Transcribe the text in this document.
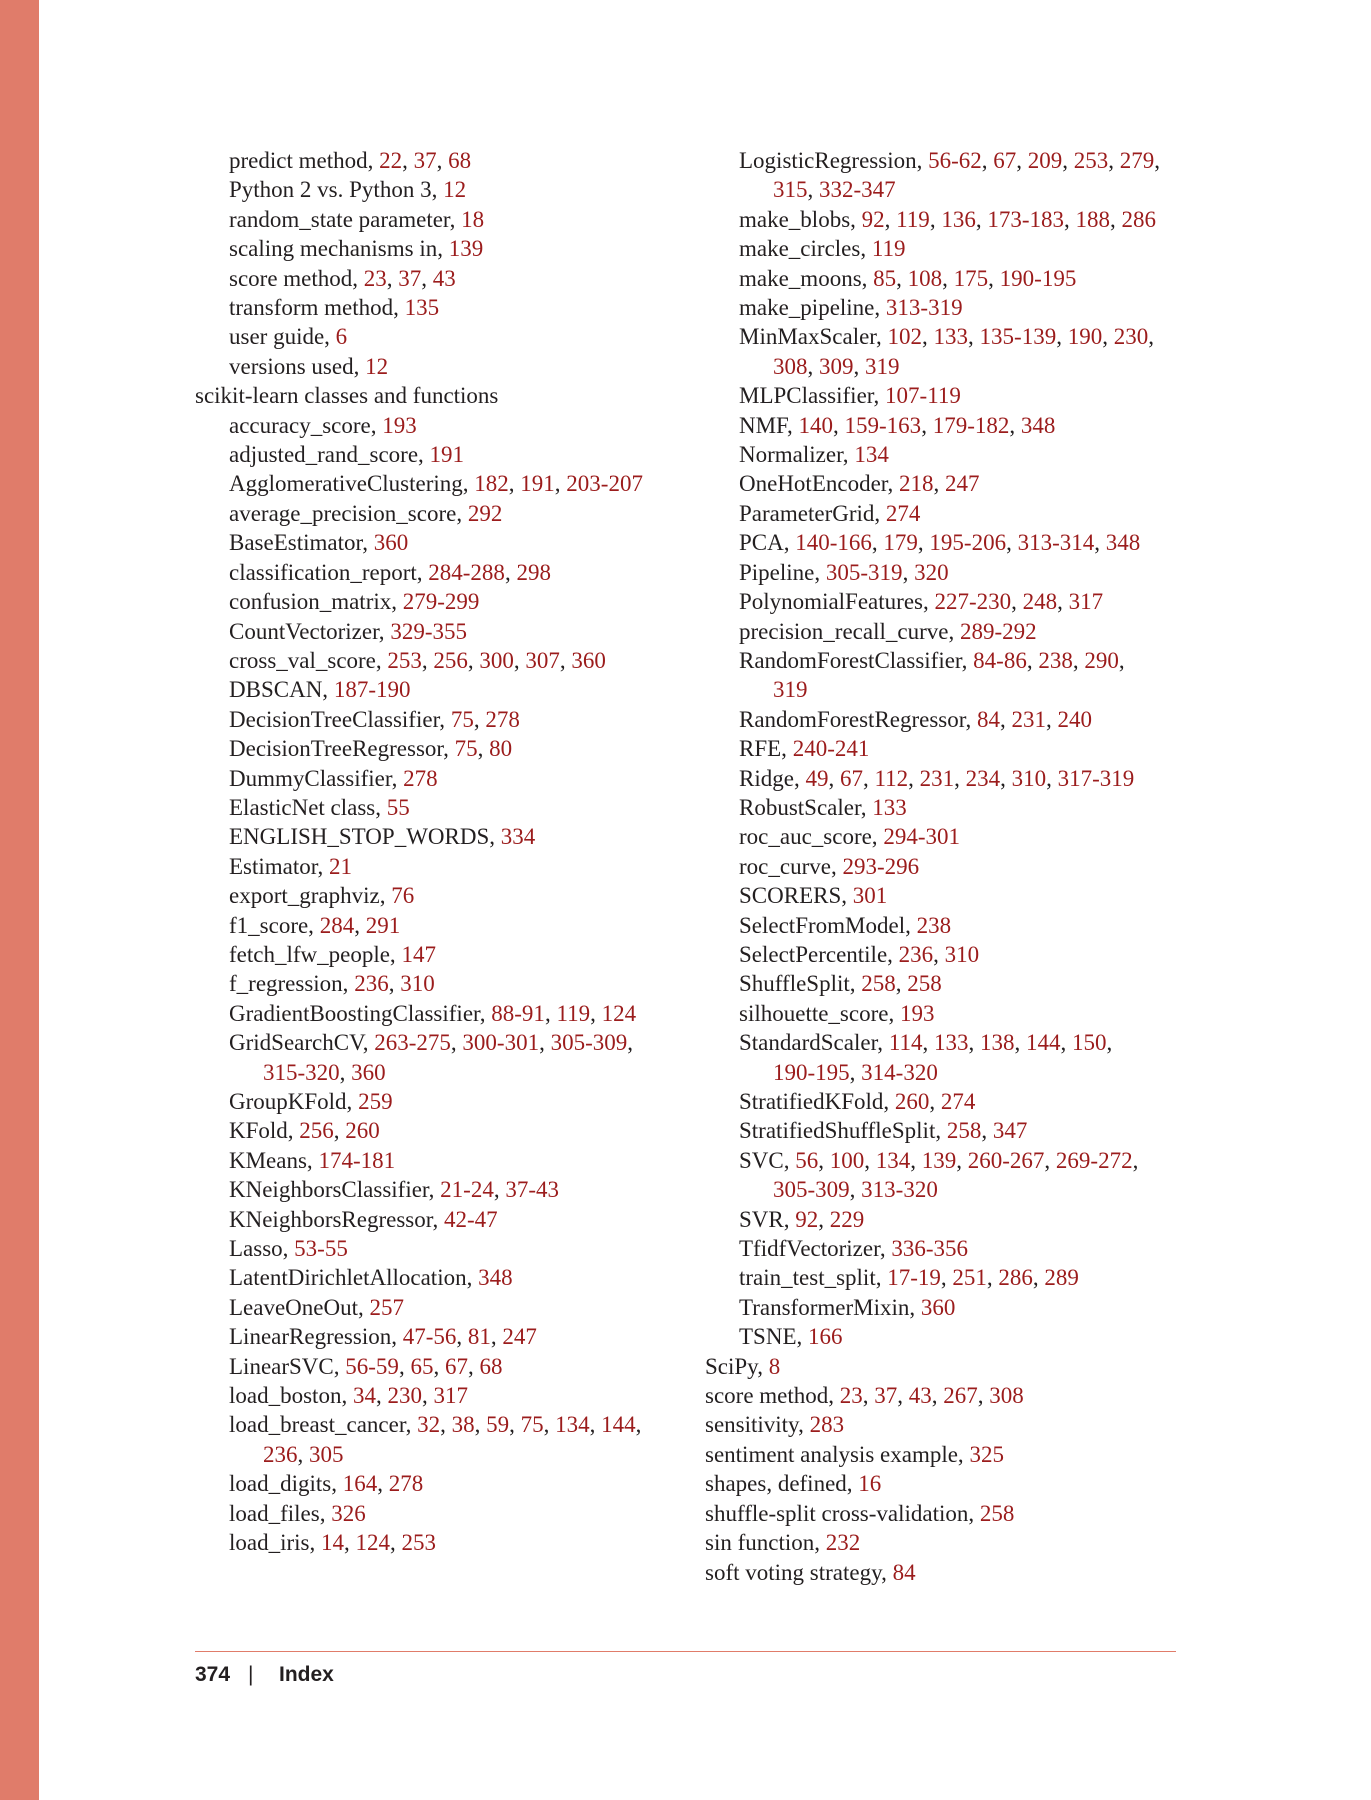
predict method, 22, 37, 68
Python 2 vs. Python 3, 12
random_state parameter, 18
scaling mechanisms in, 139
score method, 23, 37, 43
transform method, 135
user guide, 6
versions used, 12
scikit-learn classes and functions
accuracy_score, 193
adjusted_rand_score, 191
AgglomerativeClustering, 182, 191, 203-207
average_precision_score, 292
BaseEstimator, 360
classification_report, 284-288, 298
confusion_matrix, 279-299
CountVectorizer, 329-355
cross_val_score, 253, 256, 300, 307, 360
DBSCAN, 187-190
DecisionTreeClassifier, 75, 278
DecisionTreeRegressor, 75, 80
DummyClassifier, 278
ElasticNet class, 55
ENGLISH_STOP_WORDS, 334
Estimator, 21
export_graphviz, 76
f1_score, 284, 291
fetch_lfw_people, 147
f_regression, 236, 310
GradientBoostingClassifier, 88-91, 119, 124
GridSearchCV, 263-275, 300-301, 305-309,
315-320, 360
GroupKFold, 259
KFold, 256, 260
KMeans, 174-181
KNeighborsClassifier, 21-24, 37-43
KNeighborsRegressor, 42-47
Lasso, 53-55
LatentDirichletAllocation, 348
LeaveOneOut, 257
LinearRegression, 47-56, 81, 247
LinearSVC, 56-59, 65, 67, 68
load_boston, 34, 230, 317
load_breast_cancer, 32, 38, 59, 75, 134, 144,
236, 305
load_digits, 164, 278
load_files, 326
load_iris, 14, 124, 253
LogisticRegression, 56-62, 67, 209, 253, 279,
315, 332-347
make_blobs, 92, 119, 136, 173-183, 188, 286
make_circles, 119
make_moons, 85, 108, 175, 190-195
make_pipeline, 313-319
MinMaxScaler, 102, 133, 135-139, 190, 230,
308, 309, 319
MLPClassifier, 107-119
NMF, 140, 159-163, 179-182, 348
Normalizer, 134
OneHotEncoder, 218, 247
ParameterGrid, 274
PCA, 140-166, 179, 195-206, 313-314, 348
Pipeline, 305-319, 320
PolynomialFeatures, 227-230, 248, 317
precision_recall_curve, 289-292
RandomForestClassifier, 84-86, 238, 290,
319
RandomForestRegressor, 84, 231, 240
RFE, 240-241
Ridge, 49, 67, 112, 231, 234, 310, 317-319
RobustScaler, 133
roc_auc_score, 294-301
roc_curve, 293-296
SCORERS, 301
SelectFromModel, 238
SelectPercentile, 236, 310
ShuffleSplit, 258, 258
silhouette_score, 193
StandardScaler, 114, 133, 138, 144, 150,
190-195, 314-320
StratifiedKFold, 260, 274
StratifiedShuffleSplit, 258, 347
SVC, 56, 100, 134, 139, 260-267, 269-272,
305-309, 313-320
SVR, 92, 229
TfidfVectorizer, 336-356
train_test_split, 17-19, 251, 286, 289
TransformerMixin, 360
TSNE, 166
SciPy, 8
score method, 23, 37, 43, 267, 308
sensitivity, 283
sentiment analysis example, 325
shapes, defined, 16
shuffle-split cross-validation, 258
sin function, 232
soft voting strategy, 84
374 | Index
